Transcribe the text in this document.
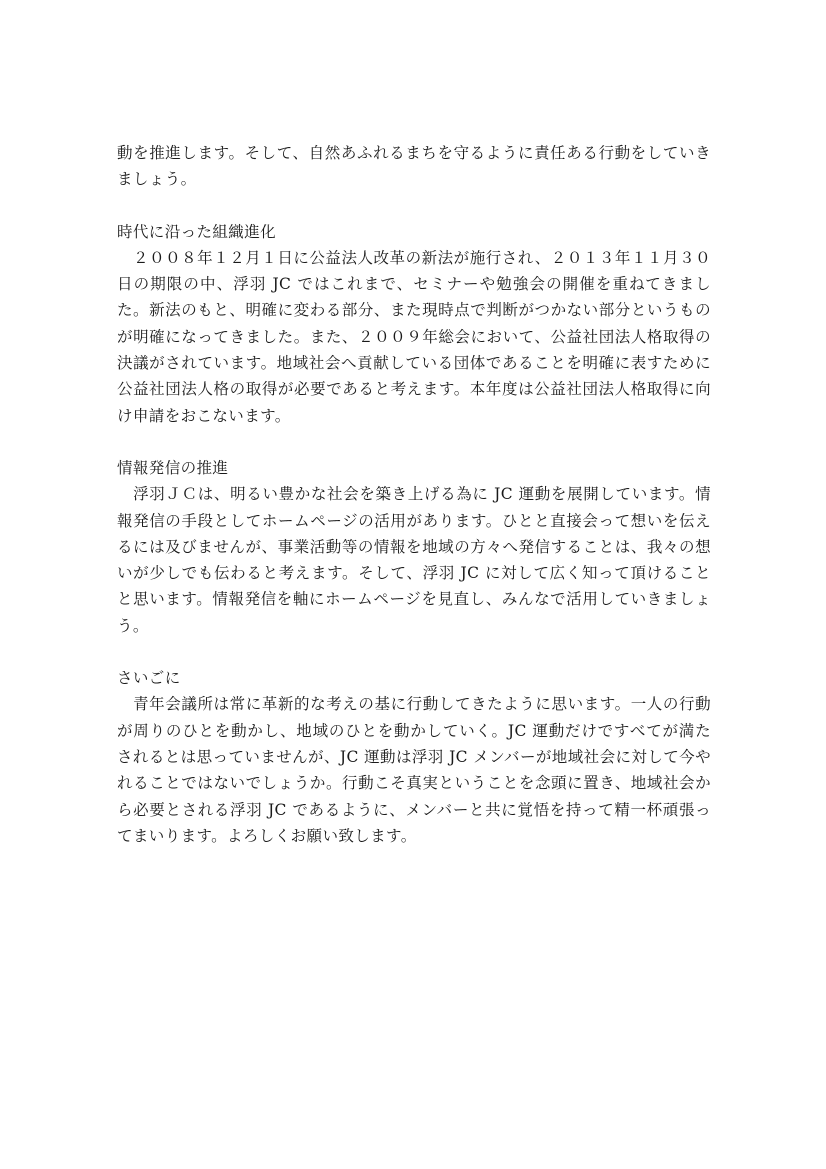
動を推進します。そして、自然あふれるまちを守るように責任ある行動をしていきましょう。

時代に沿った組織進化

　２００８年１２月１日に公益法人改革の新法が施行され、２０１３年１１月３０日の期限の中、浮羽 JC ではこれまで、セミナーや勉強会の開催を重ねてきました。新法のもと、明確に変わる部分、また現時点で判断がつかない部分というものが明確になってきました。また、２００９年総会において、公益社団法人格取得の決議がされています。地域社会へ貢献している団体であることを明確に表すために公益社団法人格の取得が必要であると考えます。本年度は公益社団法人格取得に向け申請をおこないます。

情報発信の推進

　浮羽ＪＣは、明るい豊かな社会を築き上げる為に JC 運動を展開しています。情報発信の手段としてホームページの活用があります。ひとと直接会って想いを伝えるには及びませんが、事業活動等の情報を地域の方々へ発信することは、我々の想いが少しでも伝わると考えます。そして、浮羽 JC に対して広く知って頂けることと思います。情報発信を軸にホームページを見直し、みんなで活用していきましょう。

さいごに

　青年会議所は常に革新的な考えの基に行動してきたように思います。一人の行動が周りのひとを動かし、地域のひとを動かしていく。JC 運動だけですべてが満たされるとは思っていませんが、JC 運動は浮羽 JC メンバーが地域社会に対して今やれることではないでしょうか。行動こそ真実ということを念頭に置き、地域社会から必要とされる浮羽 JC であるように、メンバーと共に覚悟を持って精一杯頑張ってまいります。よろしくお願い致します。
